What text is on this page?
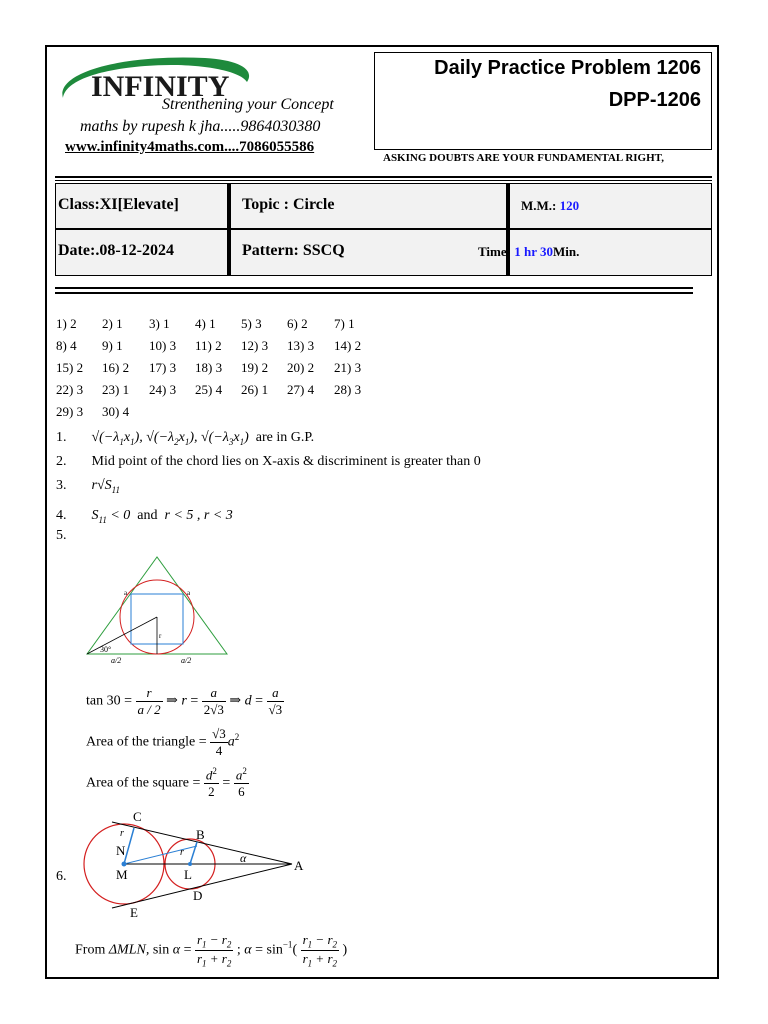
INFINITY
Strenthening your Concept
maths by rupesh k jha.....9864030380
www.infinity4maths.com....7086055586
Daily Practice Problem 1206
DPP-1206
ASKING DOUBTS ARE YOUR FUNDAMENTAL RIGHT,
Class:XI[Elevate]	Topic : Circle	M.M.: 120
Date:.08-12-2024	Pattern: SSCQ	Time: 1 hr 30Min.
1) 2 2) 1 3) 1 4) 1 5) 3 6) 2 7) 1
8) 4 9) 1 10) 3 11) 2 12) 3 13) 3 14) 2
15) 2 16) 2 17) 3 18) 3 19) 2 20) 2 21) 3
22) 3 23) 1 24) 3 25) 4 26) 1 27) 4 28) 3
29) 3 30) 4
1. $√(-\lambda_1x_1)$, $√(-\lambda_2x_1)$, $√(-\lambda_3x_1)$ are in G.P.
2. Mid point of the chord lies on X-axis & discriminent is greater than 0
3. $r√S_{11}$
4. $S_{11} < 0$ and r < 5 , r < 3
5.
a	a
r
30°
a/2	a/2
$\tan 30 = \frac{r}{a / 2}$ ⇒ $r = \frac{a}{2√3}$ ⇒ $d = \frac{a}{√3}$
Area of the triangle = $\frac{√3}{4} a^2$
Area of the square = $\frac{d^2}{2} = \frac{a^2}{6}$
6.
C
B
N
M	L
A
D
E
r
r	α
From ΔMLN, $\sin \alpha = \frac{r_1 - r_2}{r_1 + r_2}$ ; $\alpha = \sin^{-1}( \frac{r_1 - r_2}{r_1 + r_2}$ )
